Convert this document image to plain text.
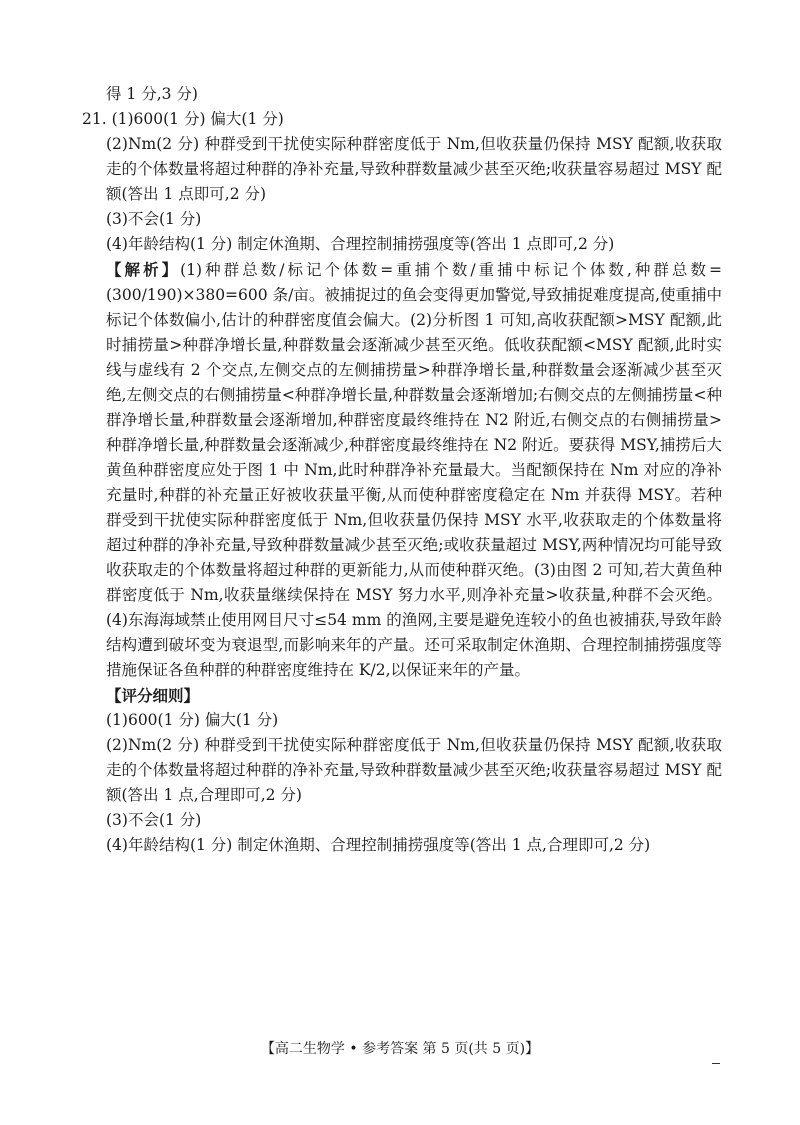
得 1 分,3 分)

21. (1)600(1 分) 偏大(1 分)

(2)Nm(2 分) 种群受到干扰使实际种群密度低于 Nm,但收获量仍保持 MSY 配额,收获取走的个体数量将超过种群的净补充量,导致种群数量减少甚至灭绝;收获量容易超过 MSY 配额(答出 1 点即可,2 分)

(3)不会(1 分)

(4)年龄结构(1 分) 制定休渔期、合理控制捕捞强度等(答出 1 点即可,2 分)

【解析】(1)种群总数/标记个体数=重捕个数/重捕中标记个体数,种群总数=(300/190)×380=600 条/亩。被捕捉过的鱼会变得更加警觉,导致捕捉难度提高,使重捕中标记个体数偏小,估计的种群密度值会偏大。(2)分析图 1 可知,高收获配额>MSY 配额,此时捕捞量>种群净增长量,种群数量会逐渐减少甚至灭绝。低收获配额<MSY 配额,此时实线与虚线有 2 个交点,左侧交点的左侧捕捞量>种群净增长量,种群数量会逐渐减少甚至灭绝,左侧交点的右侧捕捞量<种群净增长量,种群数量会逐渐增加;右侧交点的左侧捕捞量<种群净增长量,种群数量会逐渐增加,种群密度最终维持在 N2 附近,右侧交点的右侧捕捞量>种群净增长量,种群数量会逐渐减少,种群密度最终维持在 N2 附近。要获得 MSY,捕捞后大黄鱼种群密度应处于图 1 中 Nm,此时种群净补充量最大。当配额保持在 Nm 对应的净补充量时,种群的补充量正好被收获量平衡,从而使种群密度稳定在 Nm 并获得 MSY。若种群受到干扰使实际种群密度低于 Nm,但收获量仍保持 MSY 水平,收获取走的个体数量将超过种群的净补充量,导致种群数量减少甚至灭绝;或收获量超过 MSY,两种情况均可能导致收获取走的个体数量将超过种群的更新能力,从而使种群灭绝。(3)由图 2 可知,若大黄鱼种群密度低于 Nm,收获量继续保持在 MSY 努力水平,则净补充量>收获量,种群不会灭绝。(4)东海海域禁止使用网目尺寸≤54 mm 的渔网,主要是避免连较小的鱼也被捕获,导致年龄结构遭到破坏变为衰退型,而影响来年的产量。还可采取制定休渔期、合理控制捕捞强度等措施保证各鱼种群的种群密度维持在 K/2,以保证来年的产量。

【评分细则】

(1)600(1 分) 偏大(1 分)

(2)Nm(2 分) 种群受到干扰使实际种群密度低于 Nm,但收获量仍保持 MSY 配额,收获取走的个体数量将超过种群的净补充量,导致种群数量减少甚至灭绝;收获量容易超过 MSY 配额(答出 1 点,合理即可,2 分)

(3)不会(1 分)

(4)年龄结构(1 分) 制定休渔期、合理控制捕捞强度等(答出 1 点,合理即可,2 分)

【高二生物学 • 参考答案 第 5 页(共 5 页)】
